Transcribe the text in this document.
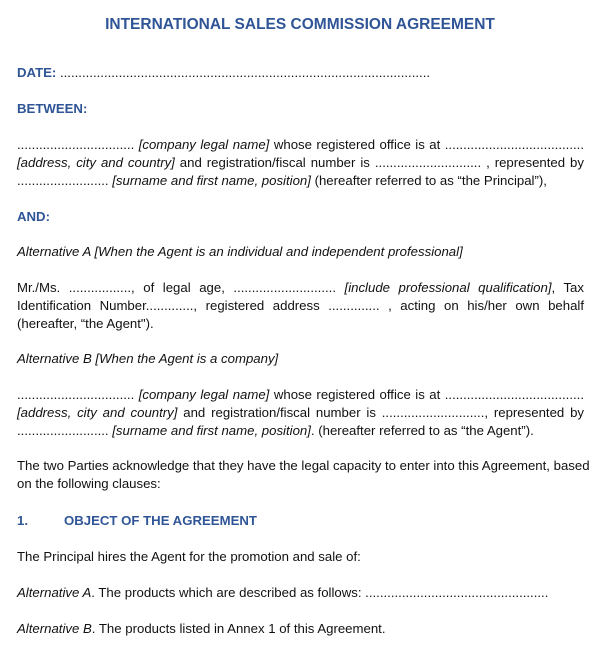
INTERNATIONAL SALES COMMISSION AGREEMENT
DATE: .....................................................................................................
BETWEEN:
................................ [company legal name] whose registered office is at ......................................
[address, city and country] and registration/fiscal number is ............................. , represented by
......................... [surname and first name, position] (hereafter referred to as “the Principal”),
AND:
Alternative A [When the Agent is an individual and independent professional]
Mr./Ms. ................., of legal age, ............................ [include professional qualification], Tax
Identification Number............., registered address .............. , acting on his/her own behalf
(hereafter, “the Agent").
Alternative B [When the Agent is a company]
................................ [company legal name] whose registered office is at ......................................
[address, city and country] and registration/fiscal number is ............................, represented by
......................... [surname and first name, position]. (hereafter referred to as “the Agent”).
The two Parties acknowledge that they have the legal capacity to enter into this Agreement, based
on the following clauses:
1.	OBJECT OF THE AGREEMENT
The Principal hires the Agent for the promotion and sale of:
Alternative A. The products which are described as follows: ..................................................
Alternative B. The products listed in Annex 1 of this Agreement.
